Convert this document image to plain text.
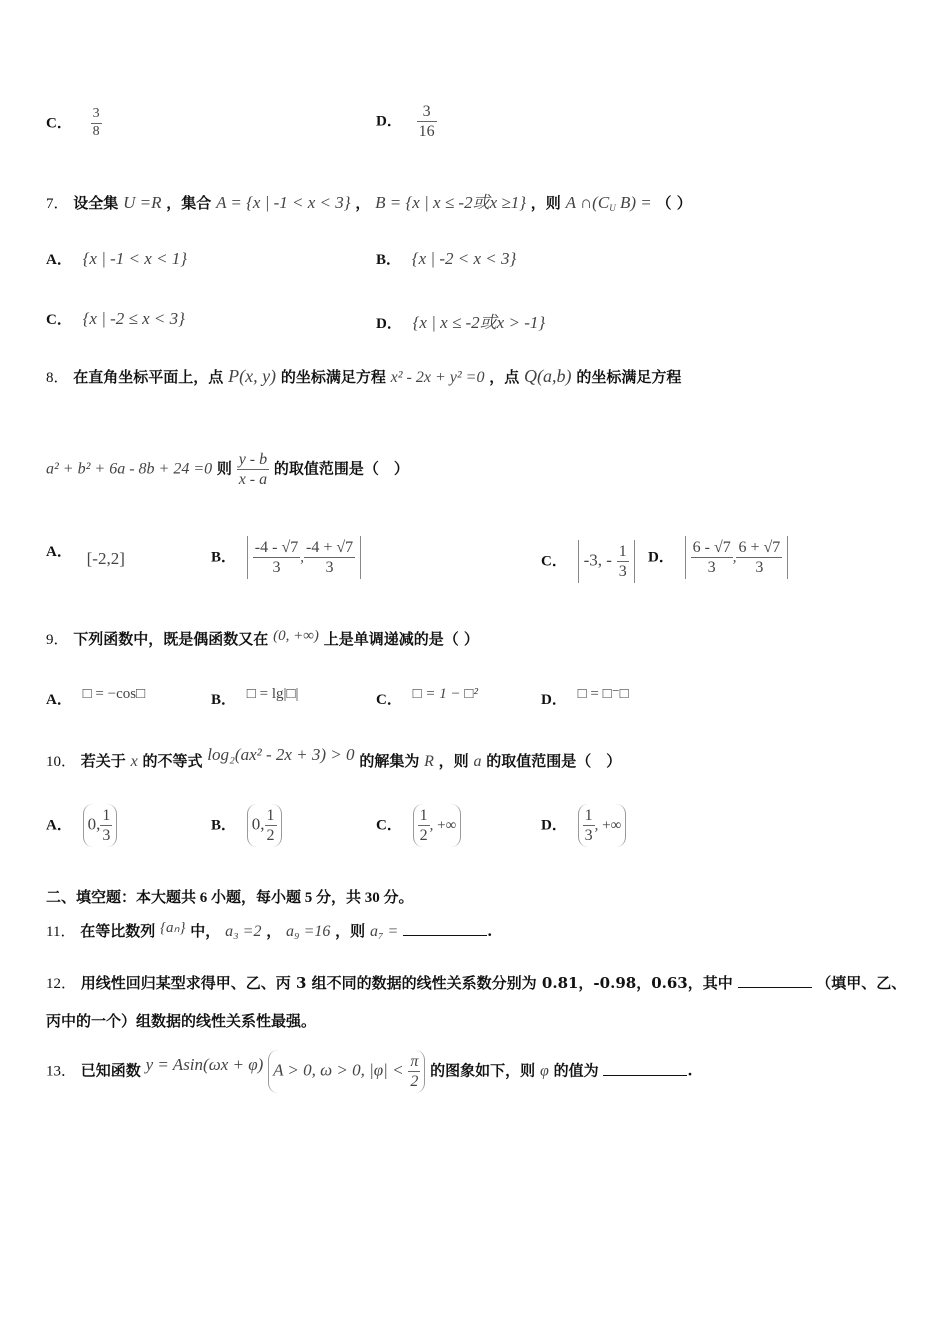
C． $\frac{3}{8}$	D． $\frac{3}{16}$
7． 设全集 U =R ，集合 A = {x | -1 < x < 3} ， B = {x | x ≤ -2或x ≥1} ，则 A $\cap(C_U$ B) = （ ）
A． {x | -1 < x < 1}	B． {x | -2 < x < 3}
C． {x | -2 ≤ x < 3}	D． {x | x ≤ -2或x > -1}
8． 在直角坐标平面上，点 P(x, y) 的坐标满足方程 x² - 2x + y² =0 ，点 Q(a,b) 的坐标满足方程
a² + b² + 6a - 8b + 24 =0 则 $\frac{y - b}{x - a}$ 的取值范围是（　）
A． [-2,2]	B． $\frac{-4 - √7}{3}$ , $\frac{-4 + √7}{3}$	C． -3, - $\frac{1}{3}$ D． $\frac{6 - √7}{3}$ , $\frac{6 + √7}{3}$
9． 下列函数中，既是偶函数又在 (0, +∞) 上是单调递减的是（ ）
A． □ = −cos□	B． □ = lg|□|	C． □ = 1 − □²	D． □ = □⁻□
10． 若关于 x 的不等式 log₂(ax² - 2x + 3) > 0 的解集为 R ，则 a 的取值范围是（　）
A． 0, $\frac{1}{3}$	B． 0, $\frac{1}{2}$	C． $\frac{1}{2}$ , +∞	D． $\frac{1}{3}$ , +∞
二、填空题：本大题共 6 小题，每小题 5 分，共 30 分。
11． 在等比数列 {aₙ} 中， a₃ =2 ， a₉ =16 ，则 a₇ =	.
12． 用线性回归某型求得甲、乙、丙 3 组不同的数据的线性关系数分别为 0.81，-0.98，0.63，其中	（填甲、乙、
丙中的一个）组数据的线性关系性最强。
13． 已知函数 y = Asin(ωx + φ) A > 0, ω > 0, $|\varphi| < \frac{\pi}{2}$ 的图象如下，则 φ 的值为	.
